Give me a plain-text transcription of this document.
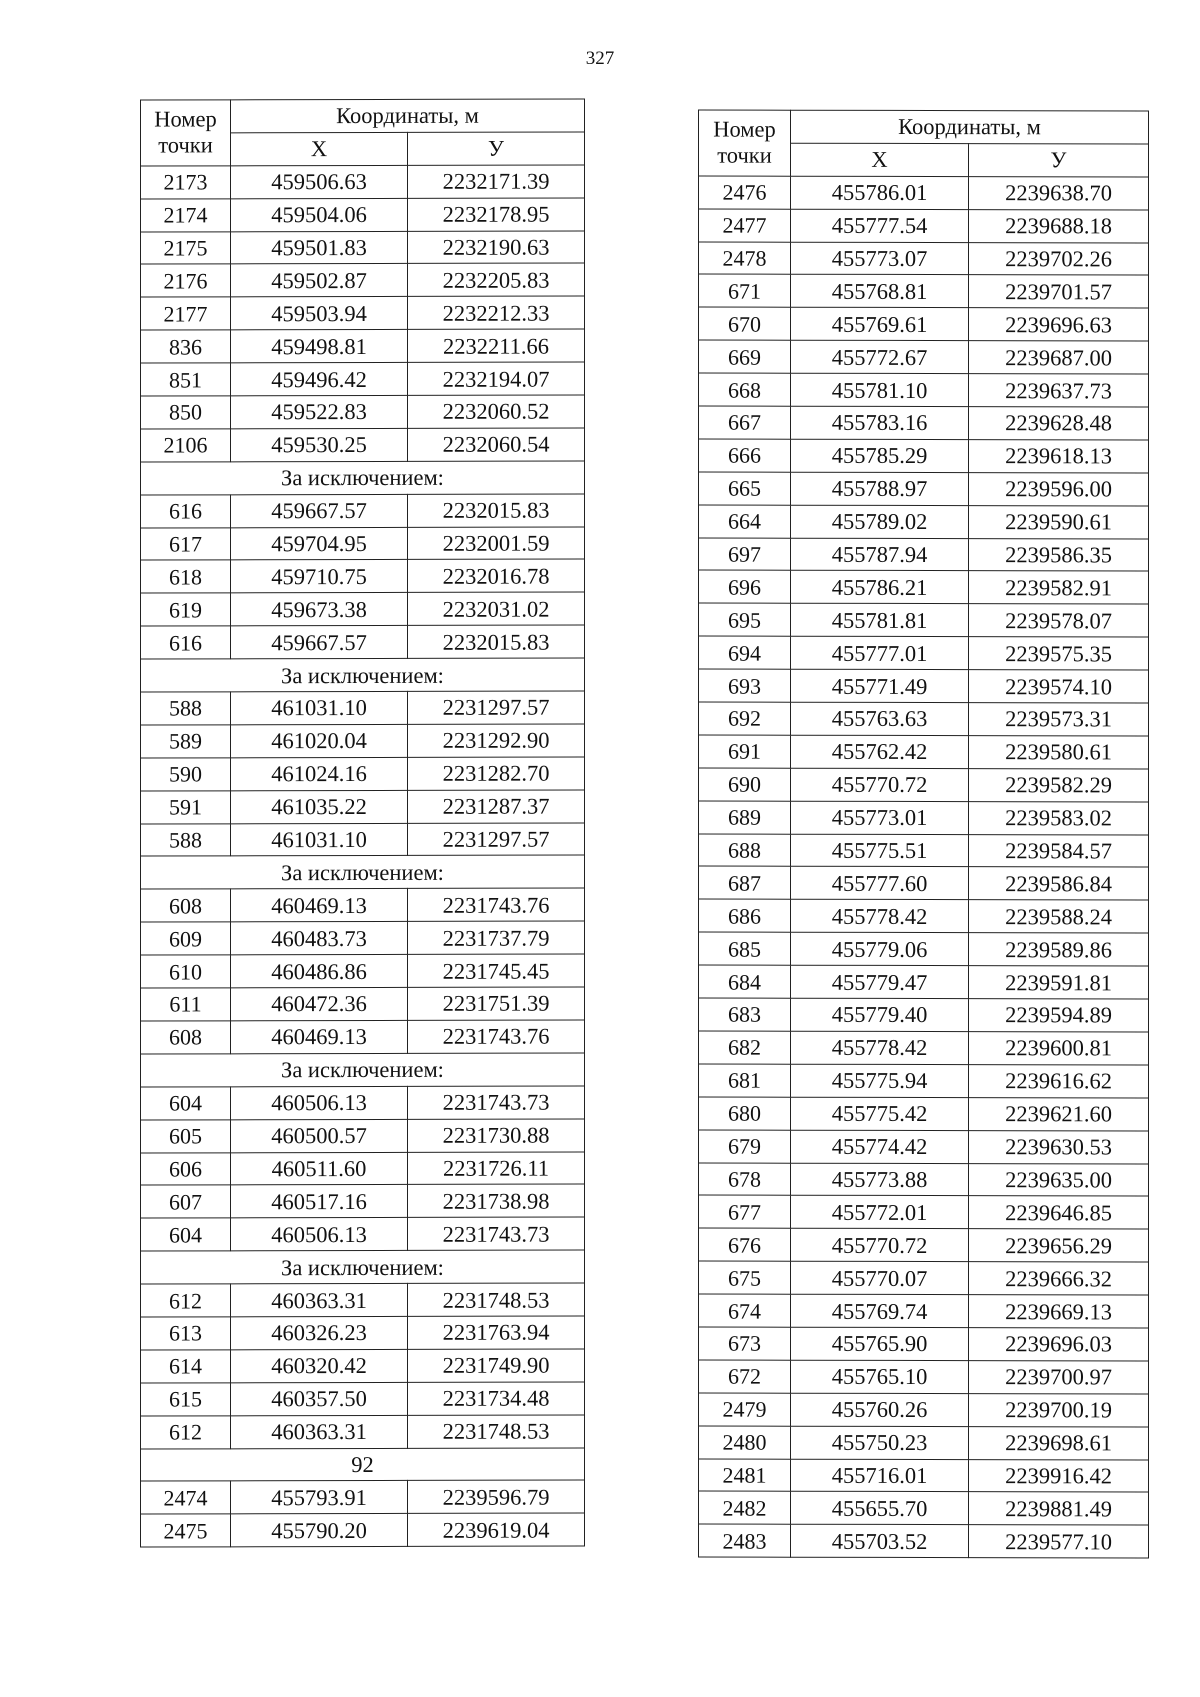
327
Номер
точки	Координаты, м	
	X	У
2173	459506.63	2232171.39
2174	459504.06	2232178.95
2175	459501.83	2232190.63
2176	459502.87	2232205.83
2177	459503.94	2232212.33
836	459498.81	2232211.66
851	459496.42	2232194.07
850	459522.83	2232060.52
2106	459530.25	2232060.54
За исключением:		
616	459667.57	2232015.83
617	459704.95	2232001.59
618	459710.75	2232016.78
619	459673.38	2232031.02
616	459667.57	2232015.83
За исключением:		
588	461031.10	2231297.57
589	461020.04	2231292.90
590	461024.16	2231282.70
591	461035.22	2231287.37
588	461031.10	2231297.57
За исключением:		
608	460469.13	2231743.76
609	460483.73	2231737.79
610	460486.86	2231745.45
611	460472.36	2231751.39
608	460469.13	2231743.76
За исключением:		
604	460506.13	2231743.73
605	460500.57	2231730.88
606	460511.60	2231726.11
607	460517.16	2231738.98
604	460506.13	2231743.73
За исключением:		
612	460363.31	2231748.53
613	460326.23	2231763.94
614	460320.42	2231749.90
615	460357.50	2231734.48
612	460363.31	2231748.53
92		
2474	455793.91	2239596.79
2475	455790.20	2239619.04
Номер
точки	Координаты, м	
	X	У
2476	455786.01	2239638.70
2477	455777.54	2239688.18
2478	455773.07	2239702.26
671	455768.81	2239701.57
670	455769.61	2239696.63
669	455772.67	2239687.00
668	455781.10	2239637.73
667	455783.16	2239628.48
666	455785.29	2239618.13
665	455788.97	2239596.00
664	455789.02	2239590.61
697	455787.94	2239586.35
696	455786.21	2239582.91
695	455781.81	2239578.07
694	455777.01	2239575.35
693	455771.49	2239574.10
692	455763.63	2239573.31
691	455762.42	2239580.61
690	455770.72	2239582.29
689	455773.01	2239583.02
688	455775.51	2239584.57
687	455777.60	2239586.84
686	455778.42	2239588.24
685	455779.06	2239589.86
684	455779.47	2239591.81
683	455779.40	2239594.89
682	455778.42	2239600.81
681	455775.94	2239616.62
680	455775.42	2239621.60
679	455774.42	2239630.53
678	455773.88	2239635.00
677	455772.01	2239646.85
676	455770.72	2239656.29
675	455770.07	2239666.32
674	455769.74	2239669.13
673	455765.90	2239696.03
672	455765.10	2239700.97
2479	455760.26	2239700.19
2480	455750.23	2239698.61
2481	455716.01	2239916.42
2482	455655.70	2239881.49
2483	455703.52	2239577.10
